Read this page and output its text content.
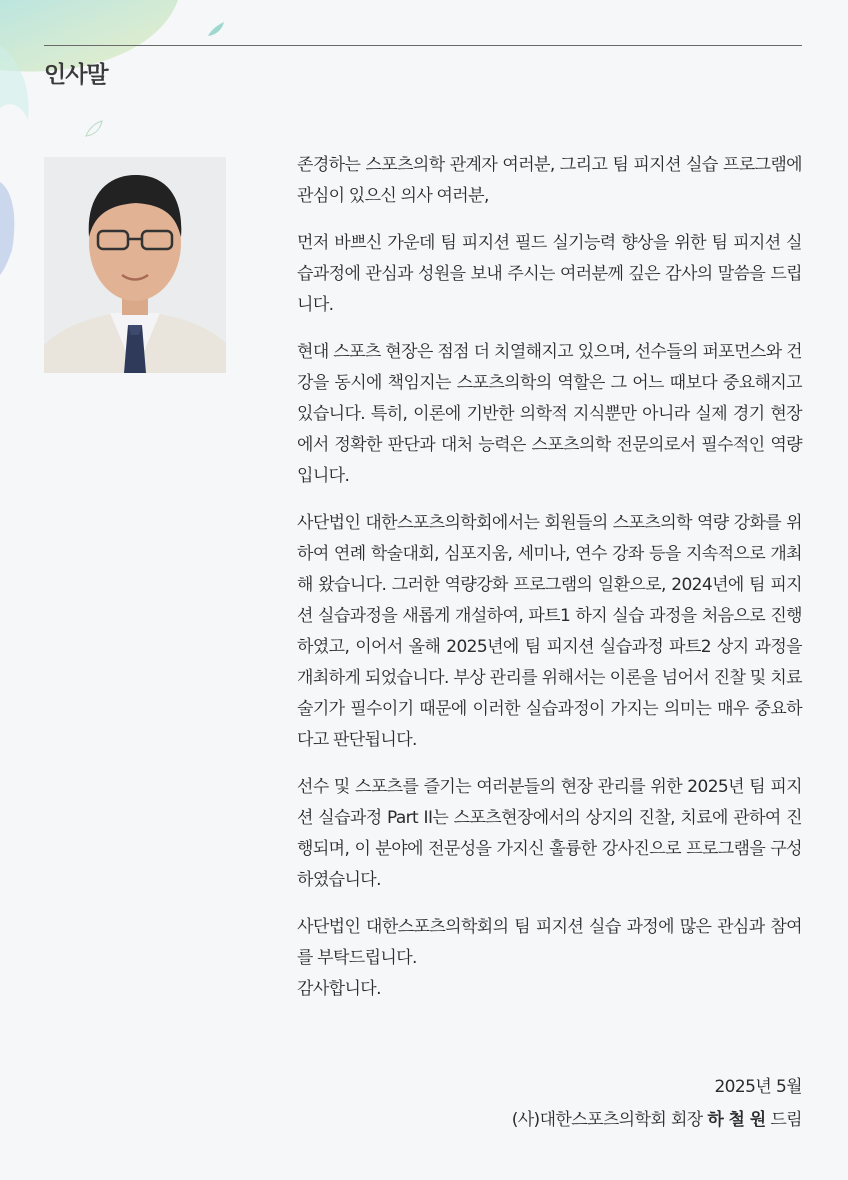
인사말

존경하는 스포츠의학 관계자 여러분, 그리고 팀 피지션 실습 프로그램에 관심이 있으신 의사 여러분,

먼저 바쁘신 가운데 팀 피지션 필드 실기능력 향상을 위한 팀 피지션 실습과정에 관심과 성원을 보내 주시는 여러분께 깊은 감사의 말씀을 드립니다.

현대 스포츠 현장은 점점 더 치열해지고 있으며, 선수들의 퍼포먼스와 건강을 동시에 책임지는 스포츠의학의 역할은 그 어느 때보다 중요해지고 있습니다. 특히, 이론에 기반한 의학적 지식뿐만 아니라 실제 경기 현장에서 정확한 판단과 대처 능력은 스포츠의학 전문의로서 필수적인 역량입니다.

사단법인 대한스포츠의학회에서는 회원들의 스포츠의학 역량 강화를 위하여 연례 학술대회, 심포지움, 세미나, 연수 강좌 등을 지속적으로 개최해 왔습니다. 그러한 역량강화 프로그램의 일환으로, 2024년에 팀 피지션 실습과정을 새롭게 개설하여, 파트1 하지 실습 과정을 처음으로 진행하였고, 이어서 올해 2025년에 팀 피지션 실습과정 파트2 상지 과정을 개최하게 되었습니다. 부상 관리를 위해서는 이론을 넘어서 진찰 및 치료 술기가 필수이기 때문에 이러한 실습과정이 가지는 의미는 매우 중요하다고 판단됩니다.

선수 및 스포츠를 즐기는 여러분들의 현장 관리를 위한 2025년 팀 피지션 실습과정 Part II는 스포츠현장에서의 상지의 진찰, 치료에 관하여 진행되며, 이 분야에 전문성을 가지신 훌륭한 강사진으로 프로그램을 구성하였습니다.

사단법인 대한스포츠의학회의 팀 피지션 실습 과정에 많은 관심과 참여를 부탁드립니다.

감사합니다.

2025년 5월
(사)대한스포츠의학회 회장 하 철 원 드림
